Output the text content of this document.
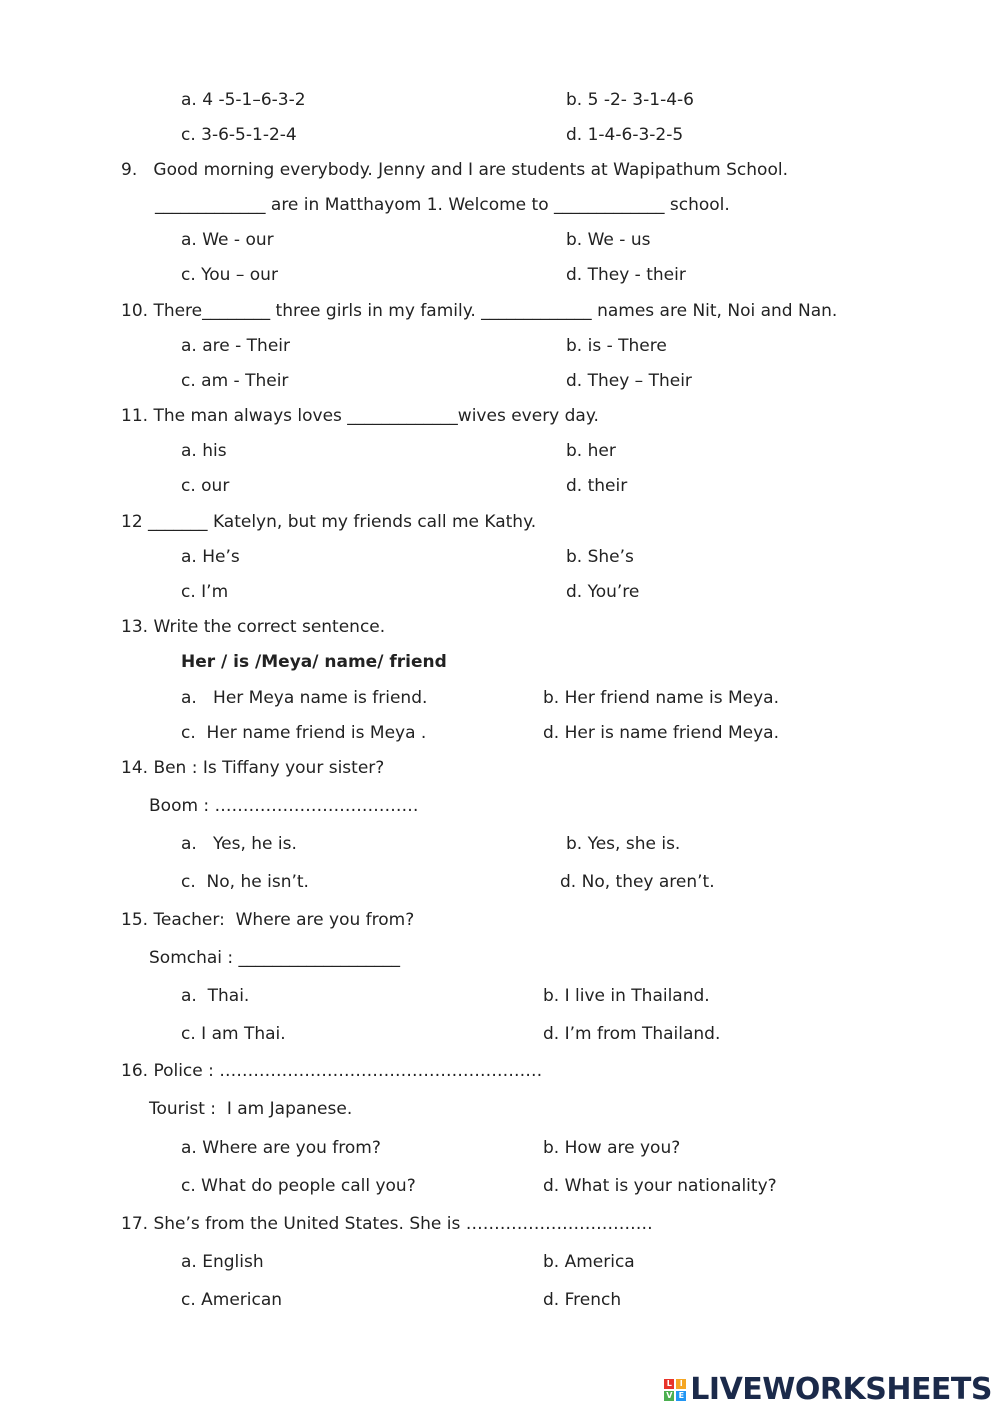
a. 4 -5-1–6-3-2	b. 5 -2- 3-1-4-6
c. 3-6-5-1-2-4	d. 1-4-6-3-2-5
9.   Good morning everybody. Jenny and I are students at Wapipathum School.
_____________ are in Matthayom 1. Welcome to _____________ school.
a. We - our	b. We - us
c. You – our	d. They - their
10. There________ three girls in my family. _____________ names are Nit, Noi and Nan.
a. are - Their	b. is - There
c. am - Their	d. They – Their
11. The man always loves _____________wives every day.
a. his	b. her
c. our	d. their
12 _______ Katelyn, but my friends call me Kathy.
a. He’s	b. She’s
c. I’m	d. You’re
13. Write the correct sentence.
Her / is /Meya/ name/ friend
a.   Her Meya name is friend.	b. Her friend name is Meya.
c.  Her name friend is Meya .	d. Her is name friend Meya.
14. Ben : Is Tiffany your sister?
Boom : ………………………………
a.   Yes, he is.	b. Yes, she is.
c.  No, he isn’t.	d. No, they aren’t.
15. Teacher:  Where are you from?
Somchai : ___________________
a.  Thai.	b. I live in Thailand.
c. I am Thai.	d. I’m from Thailand.
16. Police : …………………………………………………
Tourist :  I am Japanese.
a. Where are you from?	b. How are you?
c. What do people call you?	d. What is your nationality?
17. She’s from the United States. She is ……………………………
a. English	b. America
c. American	d. French
L I
V E LIVEWORKSHEETS
